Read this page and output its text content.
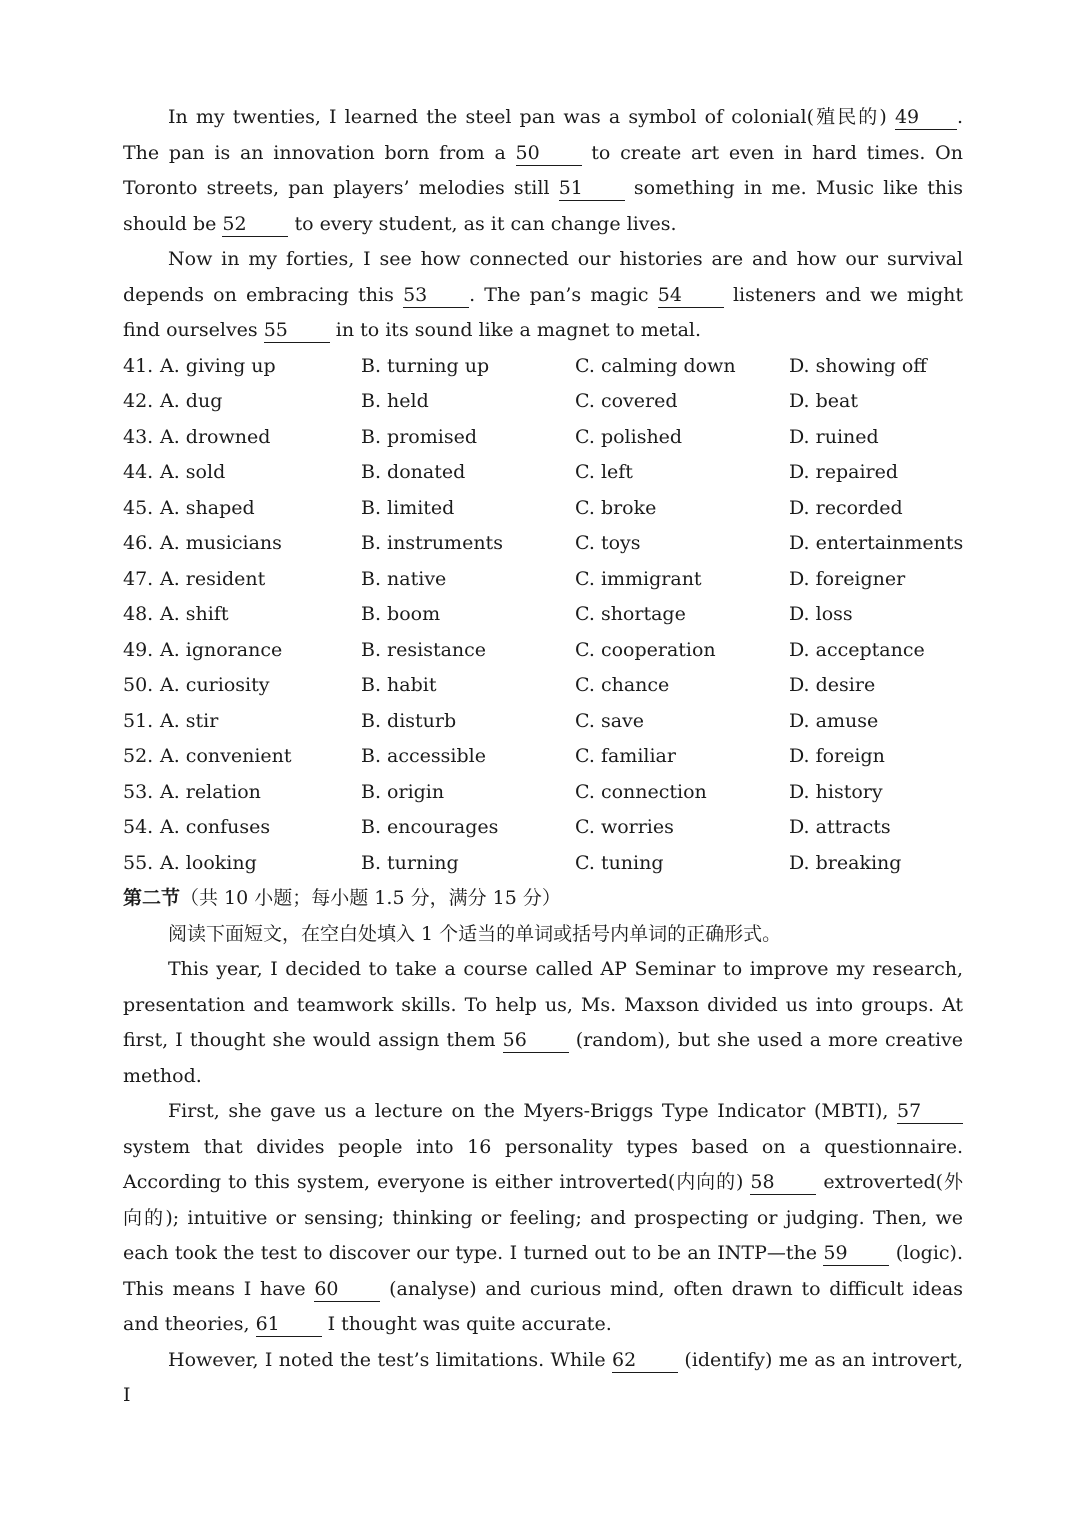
In my twenties, I learned the steel pan was a symbol of colonial(殖民的) 49 . The pan is an innovation born from a 50	to create art even in hard times. On Toronto streets, pan players’ melodies still 51	something in me. Music like this should be 52	to every student, as it can change lives.

Now in my forties, I see how connected our histories are and how our survival depends on embracing this 53 . The pan’s magic 54	listeners and we might find ourselves 55	in to its sound like a magnet to metal.

41. A. giving up	B. turning up	C. calming down	D. showing off
42. A. dug	B. held	C. covered	D. beat
43. A. drowned	B. promised	C. polished	D. ruined
44. A. sold	B. donated	C. left	D. repaired
45. A. shaped	B. limited	C. broke	D. recorded
46. A. musicians	B. instruments	C. toys	D. entertainments
47. A. resident	B. native	C. immigrant	D. foreigner
48. A. shift	B. boom	C. shortage	D. loss
49. A. ignorance	B. resistance	C. cooperation	D. acceptance
50. A. curiosity	B. habit	C. chance	D. desire
51. A. stir	B. disturb	C. save	D. amuse
52. A. convenient	B. accessible	C. familiar	D. foreign
53. A. relation	B. origin	C. connection	D. history
54. A. confuses	B. encourages	C. worries	D. attracts
55. A. looking	B. turning	C. tuning	D. breaking

第二节（共 10 小题；每小题 1.5 分，满分 15 分）

阅读下面短文，在空白处填入 1 个适当的单词或括号内单词的正确形式。

This year, I decided to take a course called AP Seminar to improve my research, presentation and teamwork skills. To help us, Ms. Maxson divided us into groups. At first, I thought she would assign them 56	(random), but she used a more creative method.

First, she gave us a lecture on the Myers-Briggs Type Indicator (MBTI), 57 system that divides people into 16 personality types based on a questionnaire. According to this system, everyone is either introverted(内向的) 58	extroverted(外向的); intuitive or sensing; thinking or feeling; and prospecting or judging. Then, we each took the test to discover our type. I turned out to be an INTP—the 59	(logic). This means I have 60	(analyse) and curious mind, often drawn to difficult ideas and theories, 61	I thought was quite accurate.

However, I noted the test’s limitations. While 62	(identify) me as an introvert, I
